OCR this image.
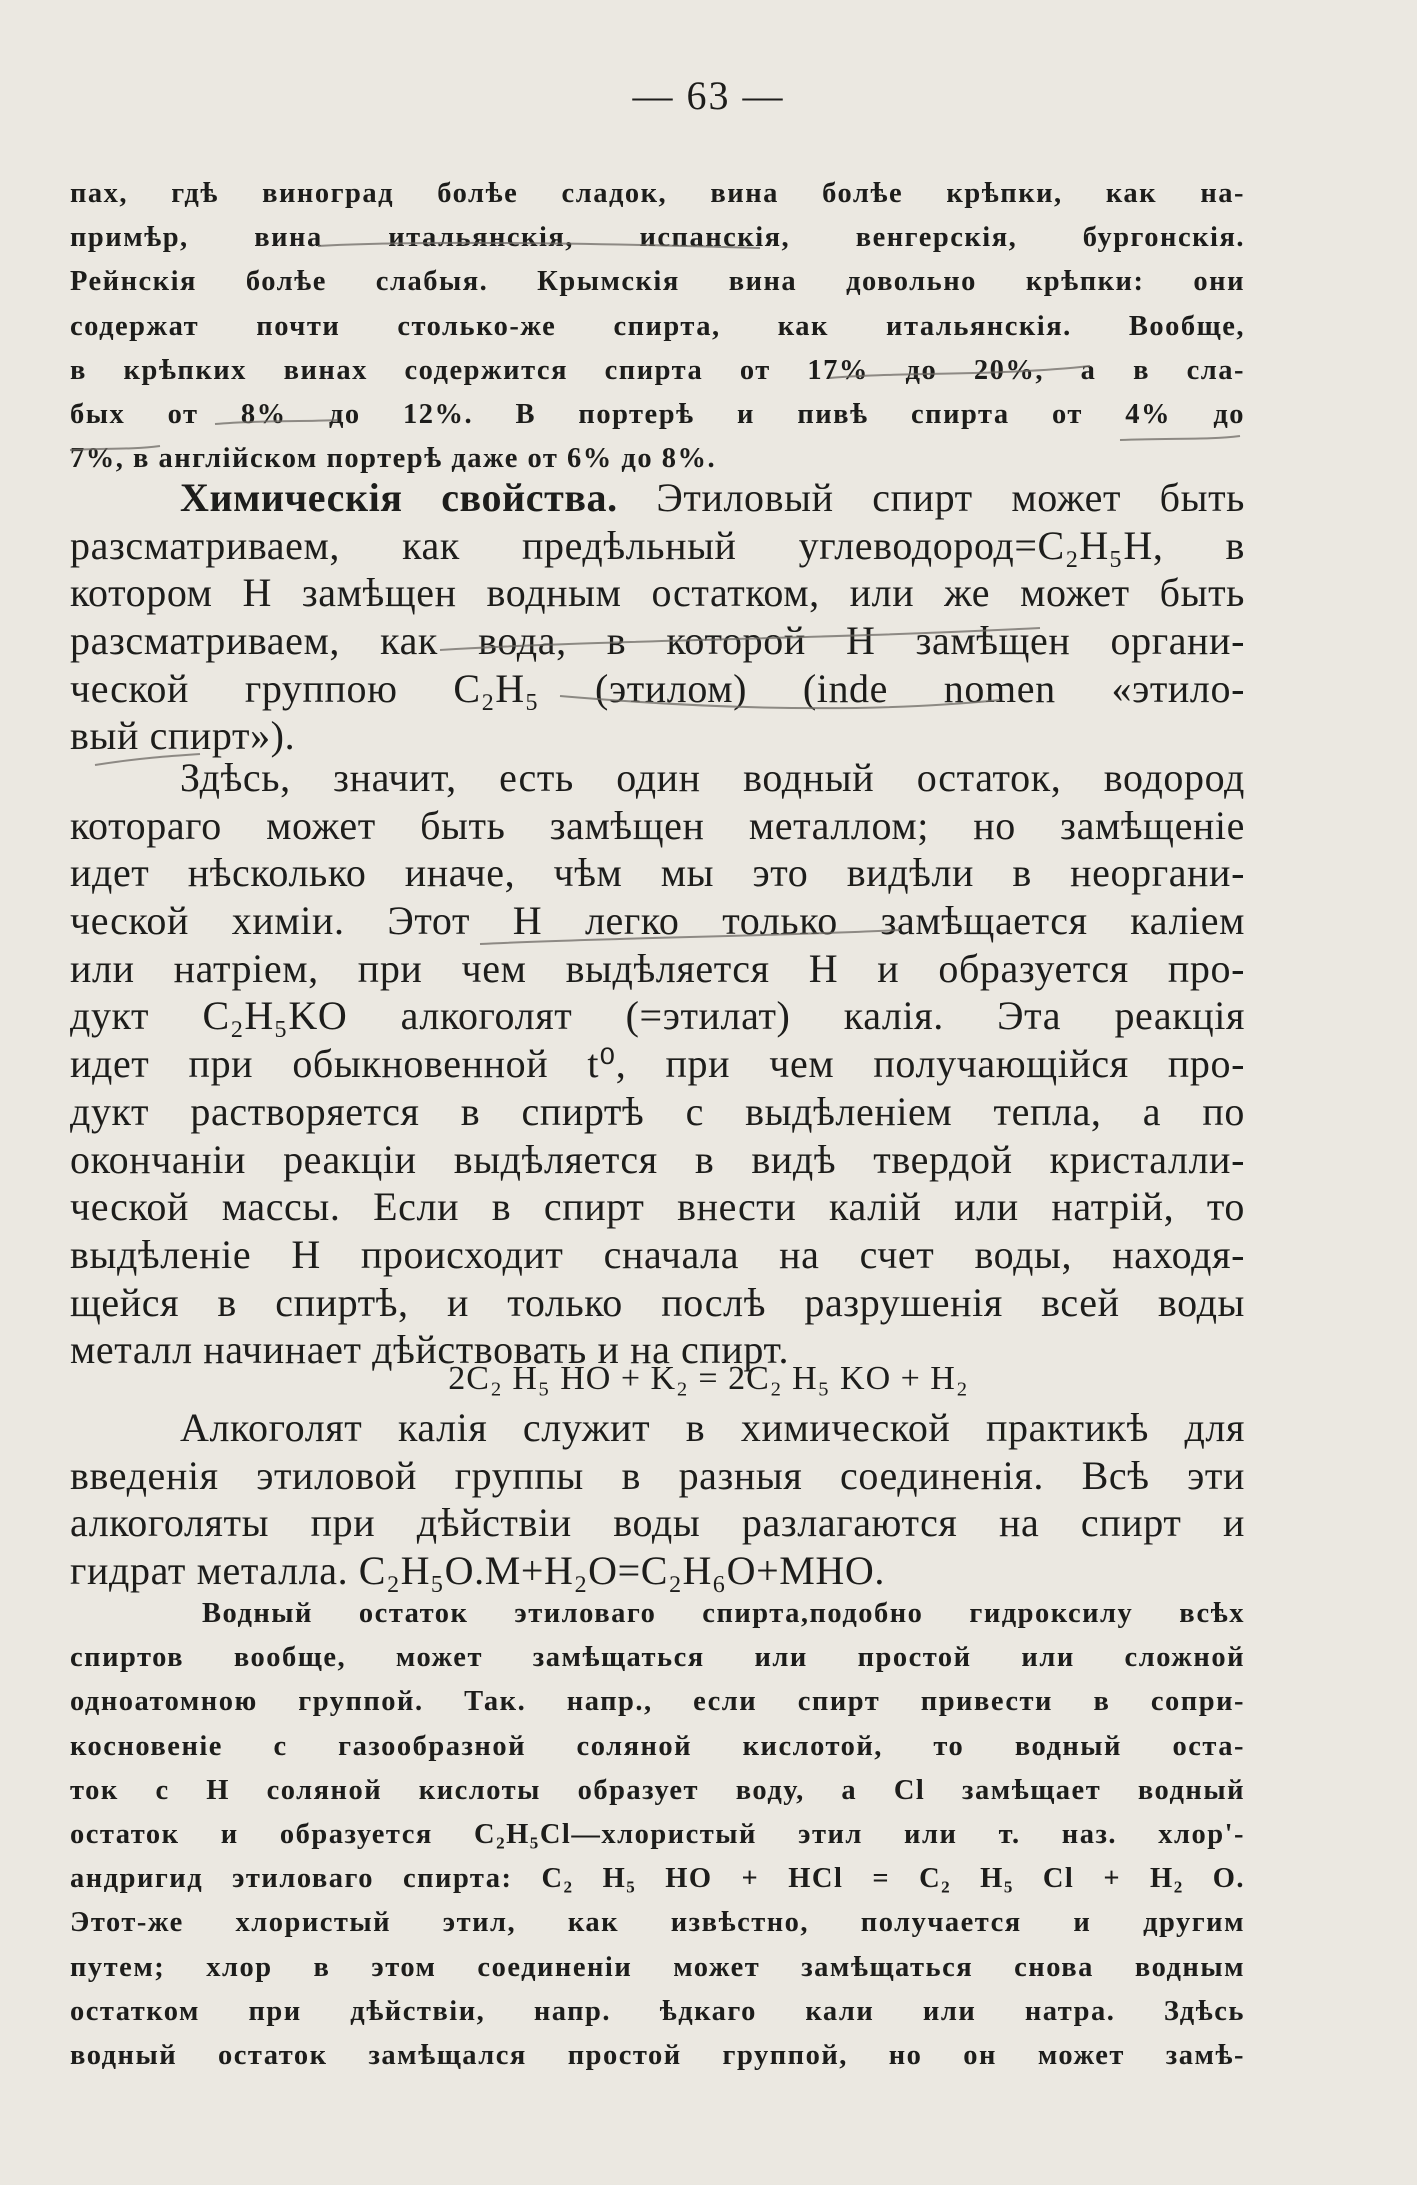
— 63 —
пах, гдѣ виноград болѣе сладок, вина болѣе крѣпки, как на-
примѣр, вина итальянскія, испанскія, венгерскія, бургонскія.
Рейнскія болѣе слабыя. Крымскія вина довольно крѣпки: они
содержат почти столько-же спирта, как итальянскія. Вообще,
в крѣпких винах содержится спирта от 17% до 20%, а в сла-
бых от 8% до 12%. В портерѣ и пивѣ спирта от 4% до
7%, в англійском портерѣ даже от 6% до 8%.
Химическія свойства. Этиловый спирт может быть
разсматриваем, как предѣльный углеводород=C₂H₅H, в
котором H замѣщен водным остатком, или же может быть
разсматриваем, как вода, в которой H замѣщен органи-
ческой группою C₂H₅ (этилом) (inde nomen «этило-
вый спирт»).
Здѣсь, значит, есть один водный остаток, водород
котораго может быть замѣщен металлом; но замѣщеніе
идет нѣсколько иначе, чѣм мы это видѣли в неоргани-
ческой химіи. Этот H легко только замѣщается каліем
или натріем, при чем выдѣляется H и образуется про-
дукт C₂H₅KO алкоголят (=этилат) калія. Эта реакція
идет при обыкновенной t⁰, при чем получающійся про-
дукт растворяется в спиртѣ с выдѣленіем тепла, а по
окончаніи реакціи выдѣляется в видѣ твердой кристалли-
ческой массы. Если в спирт внести калій или натрій, то
выдѣленіе H происходит сначала на счет воды, находя-
щейся в спиртѣ, и только послѣ разрушенія всей воды
металл начинает дѣйствовать и на спирт.
2C₂ H₅ HO + K₂ = 2C₂ H₅ KO + H₂
Алкоголят калія служит в химической практикѣ для
введенія этиловой группы в разныя соединенія. Всѣ эти
алкоголяты при дѣйствіи воды разлагаются на спирт и
гидрат металла. C₂H₅O.M+H₂O=C₂H₆O+MHO.
Водный остаток этиловаго спирта,подобно гидроксилу всѣх
спиртов вообще, может замѣщаться или простой или сложной
одноатомною группой. Так. напр., если спирт привести в сопри-
косновеніе с газообразной соляной кислотой, то водный оста-
ток с H соляной кислоты образует воду, а Cl замѣщает водный
остаток и образуется C₂H₅Cl—хлористый этил или т. наз. хлор'-
андригид этиловаго спирта: C₂ H₅ HO + HCl = C₂ H₅ Cl + H₂ O.
Этот-же хлористый этил, как извѣстно, получается и другим
путем; хлор в этом соединеніи может замѣщаться снова водным
остатком при дѣйствіи, напр. ѣдкаго кали или натра. Здѣсь
водный остаток замѣщался простой группой, но он может замѣ-
